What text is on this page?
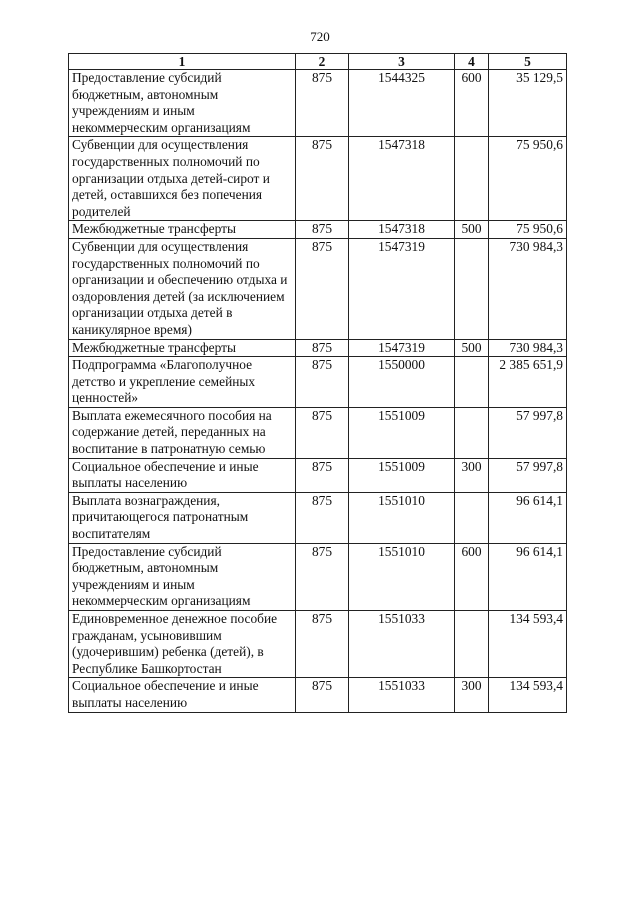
720
1	2	3	4	5
Предоставление субсидий бюджетным, автономным учреждениям и иным некоммерческим организациям	875	1544325	600	35 129,5
Субвенции для осуществления государственных полномочий по организации отдыха детей-сирот и детей, оставшихся без попечения родителей	875	1547318		75 950,6
Межбюджетные трансферты	875	1547318	500	75 950,6
Субвенции для осуществления государственных полномочий по организации и обеспечению отдыха и оздоровления детей (за исключением организации отдыха детей в каникулярное время)	875	1547319		730 984,3
Межбюджетные трансферты	875	1547319	500	730 984,3
Подпрограмма «Благополучное детство и укрепление семейных ценностей»	875	1550000		2 385 651,9
Выплата ежемесячного пособия на содержание детей, переданных на воспитание в патронатную семью	875	1551009		57 997,8
Социальное обеспечение и иные выплаты населению	875	1551009	300	57 997,8
Выплата вознаграждения, причитающегося патронатным воспитателям	875	1551010		96 614,1
Предоставление субсидий бюджетным, автономным учреждениям и иным некоммерческим организациям	875	1551010	600	96 614,1
Единовременное денежное пособие гражданам, усыновившим (удочерившим) ребенка (детей), в Республике Башкортостан	875	1551033		134 593,4
Социальное обеспечение и иные выплаты населению	875	1551033	300	134 593,4
